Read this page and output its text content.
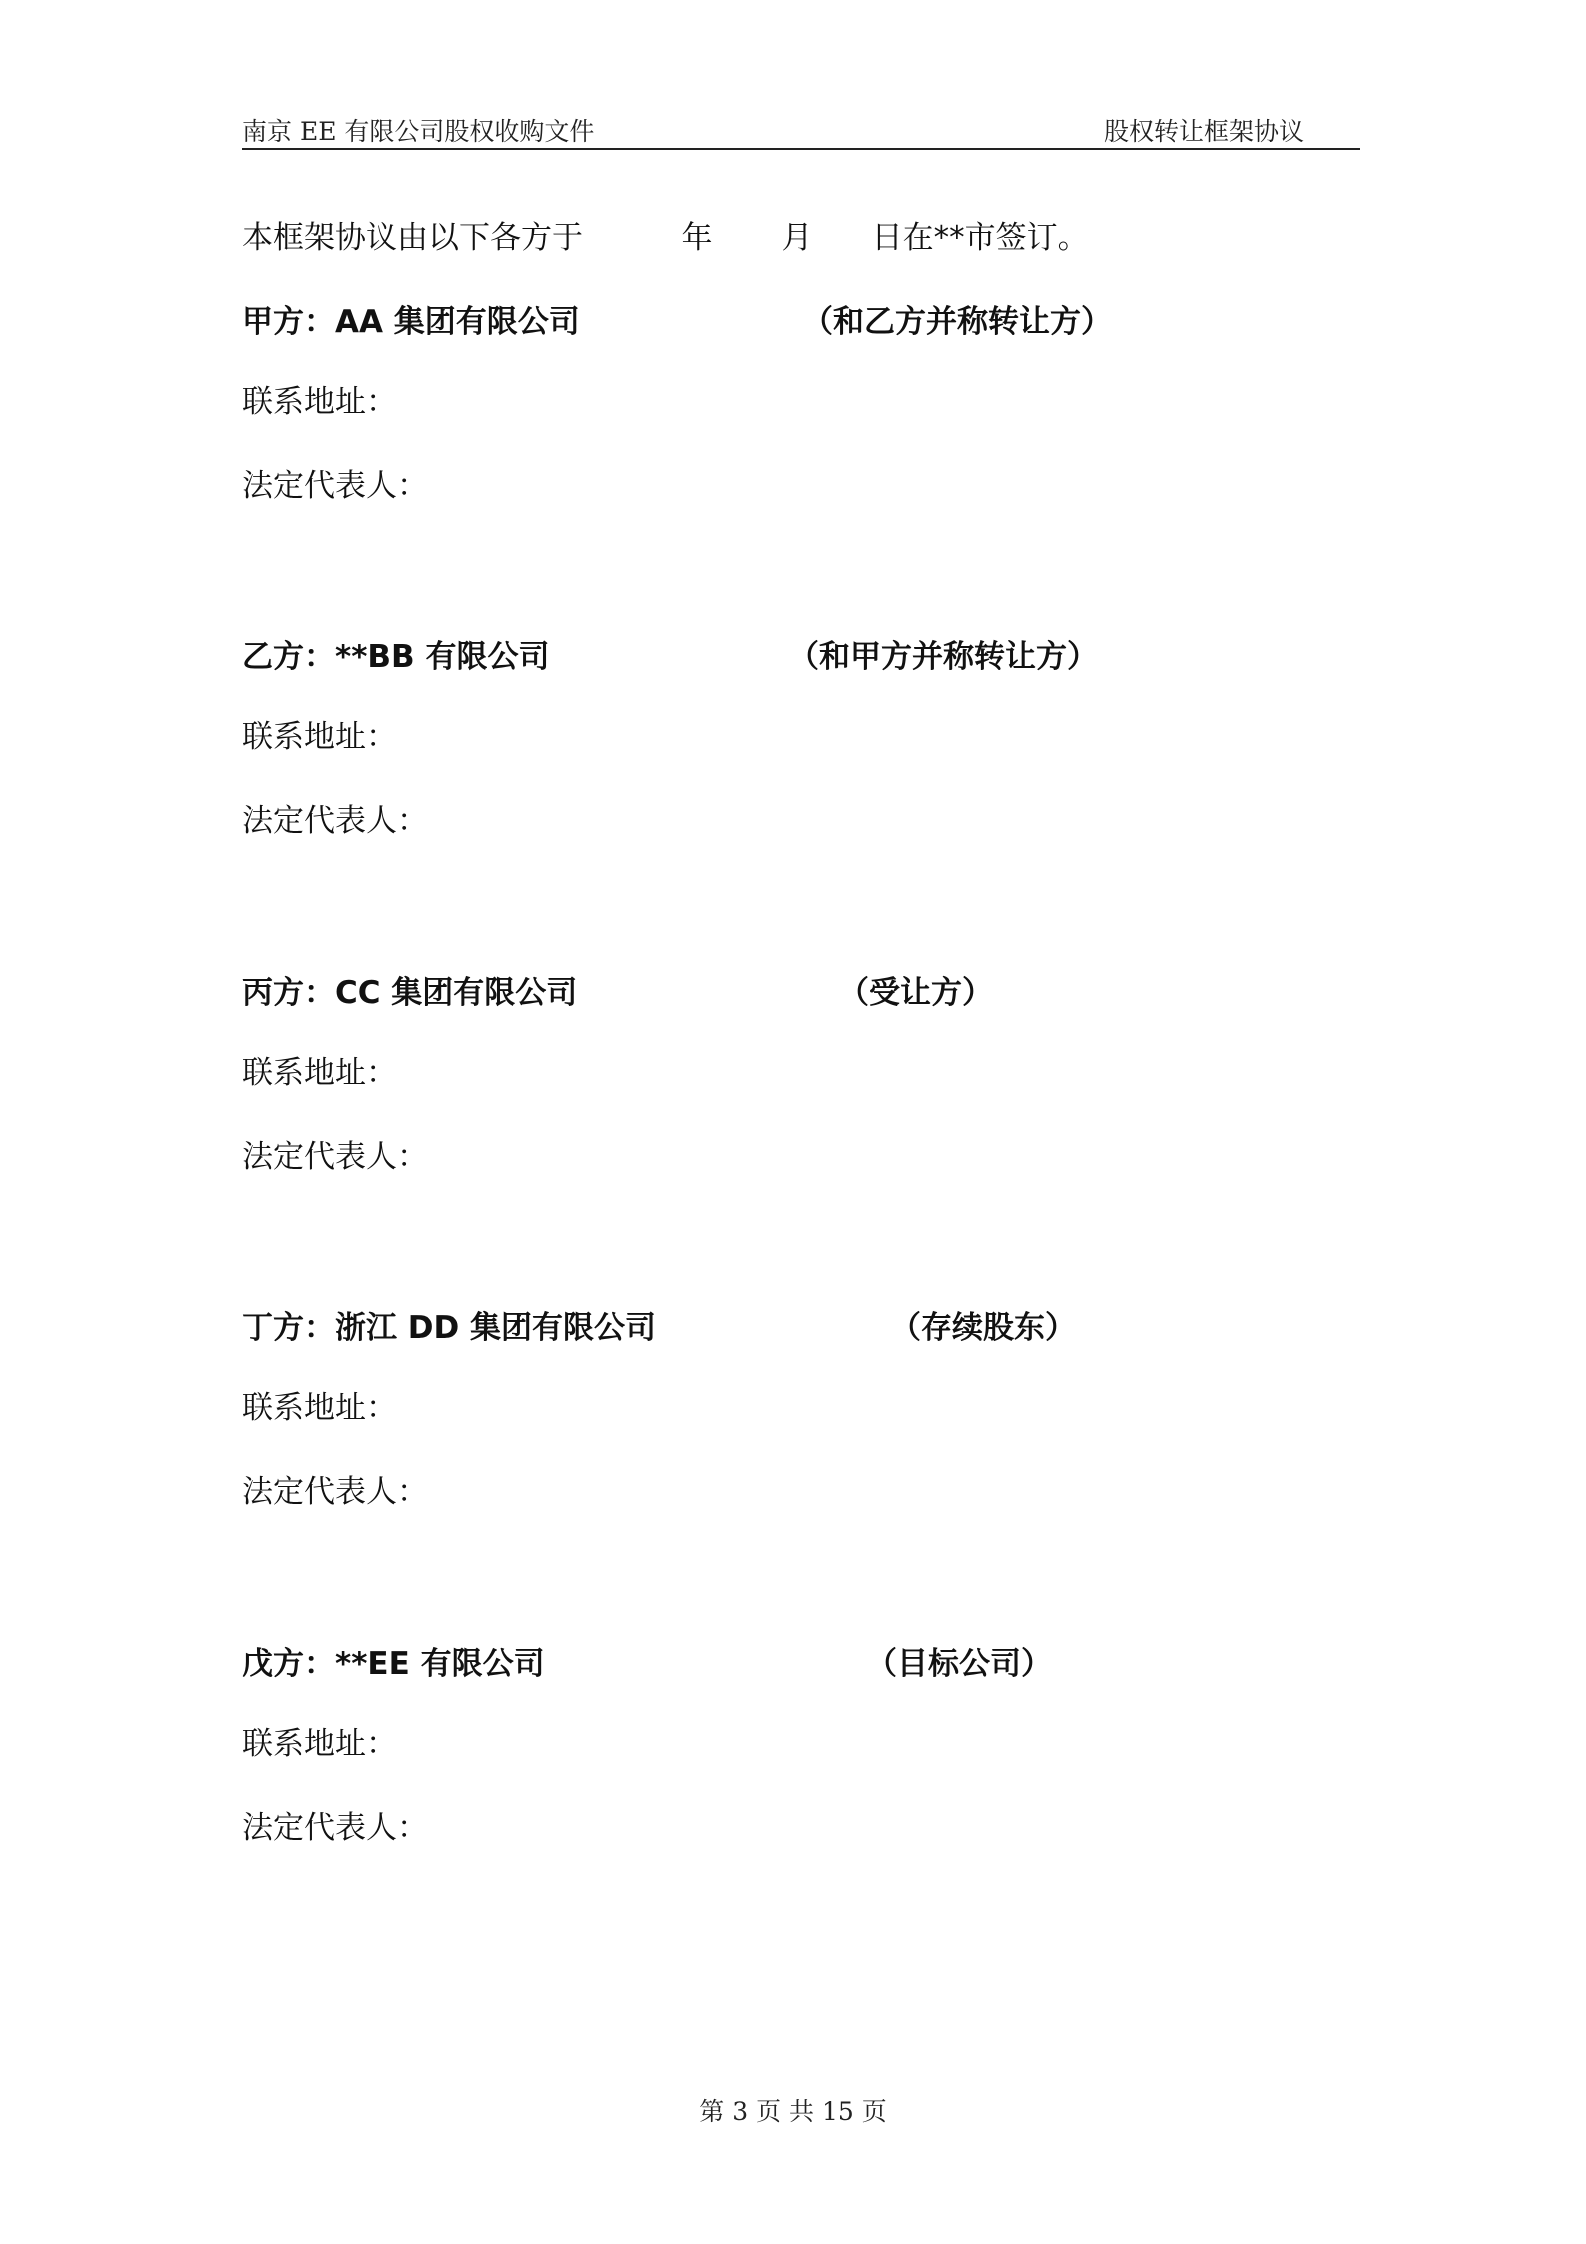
南京 EE 有限公司股权收购文件	股权转让框架协议
本框架协议由以下各方于          年       月      日在**市签订。
甲方：AA 集团有限公司	（和乙方并称转让方）
联系地址：
法定代表人：
乙方：**BB 有限公司	（和甲方并称转让方）
联系地址：
法定代表人：
丙方：CC 集团有限公司	（受让方）
联系地址：
法定代表人：
丁方：浙江 DD 集团有限公司	（存续股东）
联系地址：
法定代表人：
戊方：**EE 有限公司	（目标公司）
联系地址：
法定代表人：
第 3 页 共 15 页
